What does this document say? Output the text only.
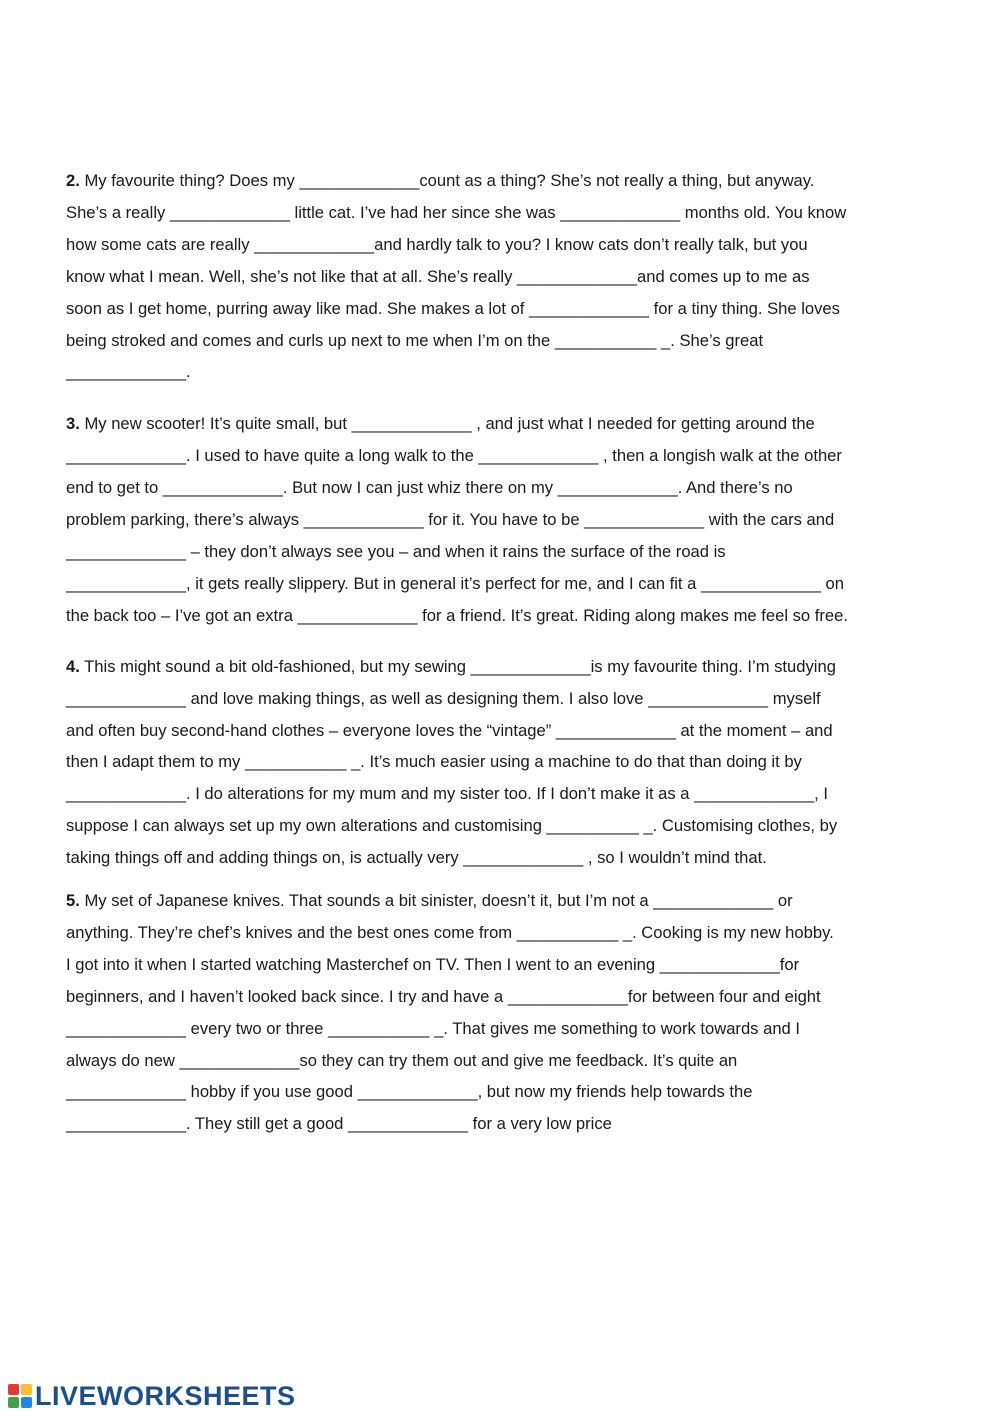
2. My favourite thing? Does my _____________count as a thing? She’s not really a thing, but anyway.
She’s a really _____________ little cat. I’ve had her since she was _____________ months old. You know
how some cats are really _____________and hardly talk to you? I know cats don’t really talk, but you
know what I mean. Well, she’s not like that at all. She’s really _____________and comes up to me as
soon as I get home, purring away like mad. She makes a lot of _____________ for a tiny thing. She loves
being stroked and comes and curls up next to me when I’m on the ___________ _. She’s great
_____________.
3. My new scooter! It’s quite small, but _____________ , and just what I needed for getting around the
_____________. I used to have quite a long walk to the _____________ , then a longish walk at the other
end to get to _____________. But now I can just whiz there on my _____________. And there’s no
problem parking, there’s always _____________ for it. You have to be _____________ with the cars and
_____________ – they don’t always see you – and when it rains the surface of the road is
_____________, it gets really slippery. But in general it’s perfect for me, and I can fit a _____________ on
the back too – I’ve got an extra _____________ for a friend. It’s great. Riding along makes me feel so free.
4. This might sound a bit old-fashioned, but my sewing _____________is my favourite thing. I’m studying
_____________ and love making things, as well as designing them. I also love _____________ myself
and often buy second-hand clothes – everyone loves the “vintage” _____________ at the moment – and
then I adapt them to my ___________ _. It’s much easier using a machine to do that than doing it by
_____________. I do alterations for my mum and my sister too. If I don’t make it as a _____________, I
suppose I can always set up my own alterations and customising __________ _. Customising clothes, by
taking things off and adding things on, is actually very _____________ , so I wouldn’t mind that.
5. My set of Japanese knives. That sounds a bit sinister, doesn’t it, but I’m not a _____________ or
anything. They’re chef’s knives and the best ones come from ___________ _. Cooking is my new hobby.
I got into it when I started watching Masterchef on TV. Then I went to an evening _____________for
beginners, and I haven’t looked back since. I try and have a _____________for between four and eight
_____________ every two or three ___________ _. That gives me something to work towards and I
always do new _____________so they can try them out and give me feedback. It’s quite an
_____________ hobby if you use good _____________, but now my friends help towards the
_____________. They still get a good _____________ for a very low price
LIVEWORKSHEETS
